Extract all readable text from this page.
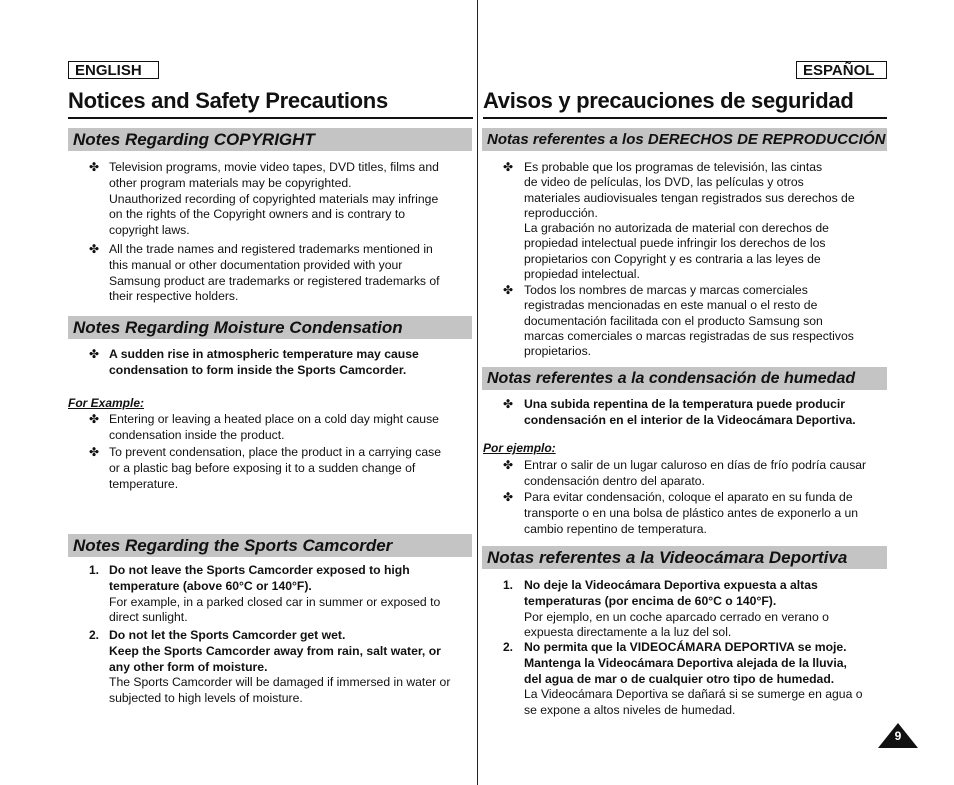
ENGLISH	ESPAÑOL
Notices and Safety Precautions	Avisos y precauciones de seguridad
Notes Regarding COPYRIGHT
✤ Television programs, movie video tapes, DVD titles, films and
other program materials may be copyrighted.
Unauthorized recording of copyrighted materials may infringe
on the rights of the Copyright owners and is contrary to
copyright laws.
✤ All the trade names and registered trademarks mentioned in
this manual or other documentation provided with your
Samsung product are trademarks or registered trademarks of
their respective holders.
Notes Regarding Moisture Condensation
✤ A sudden rise in atmospheric temperature may cause
condensation to form inside the Sports Camcorder.
For Example:
✤ Entering or leaving a heated place on a cold day might cause
condensation inside the product.
✤ To prevent condensation, place the product in a carrying case
or a plastic bag before exposing it to a sudden change of
temperature.
Notes Regarding the Sports Camcorder
1. Do not leave the Sports Camcorder exposed to high
temperature (above 60°C or 140°F).
For example, in a parked closed car in summer or exposed to
direct sunlight.
2. Do not let the Sports Camcorder get wet.
Keep the Sports Camcorder away from rain, salt water, or
any other form of moisture.
The Sports Camcorder will be damaged if immersed in water or
subjected to high levels of moisture.
Notas referentes a los DERECHOS DE REPRODUCCIÓN
✤ Es probable que los programas de televisión, las cintas
de video de películas, los DVD, las películas y otros
materiales audiovisuales tengan registrados sus derechos de
reproducción.
La grabación no autorizada de material con derechos de
propiedad intelectual puede infringir los derechos de los
propietarios con Copyright y es contraria a las leyes de
propiedad intelectual.
✤ Todos los nombres de marcas y marcas comerciales
registradas mencionadas en este manual o el resto de
documentación facilitada con el producto Samsung son
marcas comerciales o marcas registradas de sus respectivos
propietarios.
Notas referentes a la condensación de humedad
✤ Una subida repentina de la temperatura puede producir
condensación en el interior de la Videocámara Deportiva.
Por ejemplo:
✤ Entrar o salir de un lugar caluroso en días de frío podría causar
condensación dentro del aparato.
✤ Para evitar condensación, coloque el aparato en su funda de
transporte o en una bolsa de plástico antes de exponerlo a un
cambio repentino de temperatura.
Notas referentes a la Videocámara Deportiva
1. No deje la Videocámara Deportiva expuesta a altas
temperaturas (por encima de 60°C o 140°F).
Por ejemplo, en un coche aparcado cerrado en verano o
expuesta directamente a la luz del sol.
2. No permita que la VIDEOCÁMARA DEPORTIVA se moje.
Mantenga la Videocámara Deportiva alejada de la lluvia,
del agua de mar o de cualquier otro tipo de humedad.
La Videocámara Deportiva se dañará si se sumerge en agua o
se expone a altos niveles de humedad.
9
